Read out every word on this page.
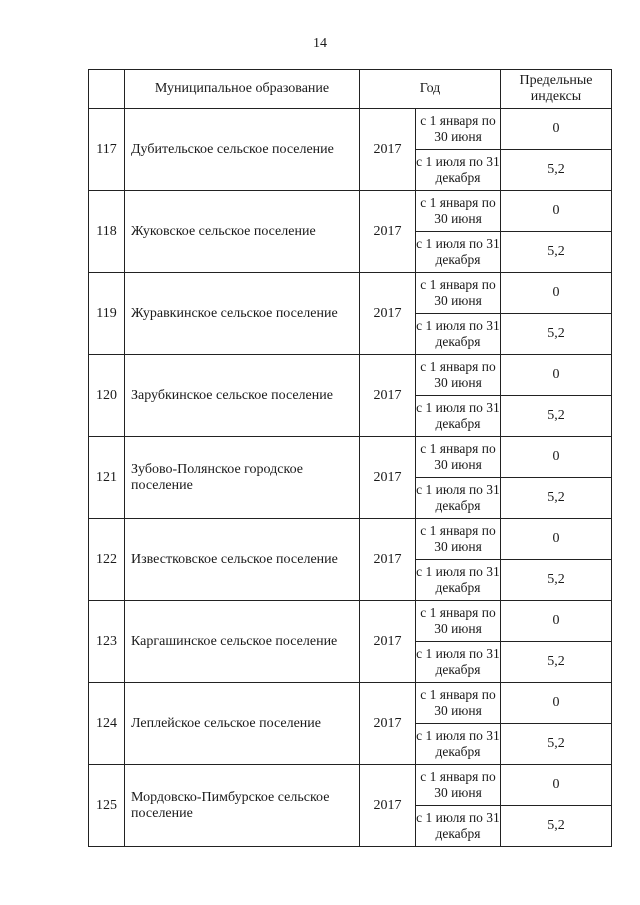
14
	Муниципальное образование	Год		Предельные индексы
117	Дубительское сельское поселение	2017	с 1 января по 30 июня	0
			с 1 июля по 31 декабря	5,2
118	Жуковское сельское поселение	2017	с 1 января по 30 июня	0
			с 1 июля по 31 декабря	5,2
119	Журавкинское сельское поселение	2017	с 1 января по 30 июня	0
			с 1 июля по 31 декабря	5,2
120	Зарубкинское сельское поселение	2017	с 1 января по 30 июня	0
			с 1 июля по 31 декабря	5,2
121	Зубово-Полянское городское поселение	2017	с 1 января по 30 июня	0
			с 1 июля по 31 декабря	5,2
122	Известковское сельское поселение	2017	с 1 января по 30 июня	0
			с 1 июля по 31 декабря	5,2
123	Каргашинское сельское поселение	2017	с 1 января по 30 июня	0
			с 1 июля по 31 декабря	5,2
124	Леплейское сельское поселение	2017	с 1 января по 30 июня	0
			с 1 июля по 31 декабря	5,2
125	Мордовско-Пимбурское сельское поселение	2017	с 1 января по 30 июня	0
			с 1 июля по 31 декабря	5,2
